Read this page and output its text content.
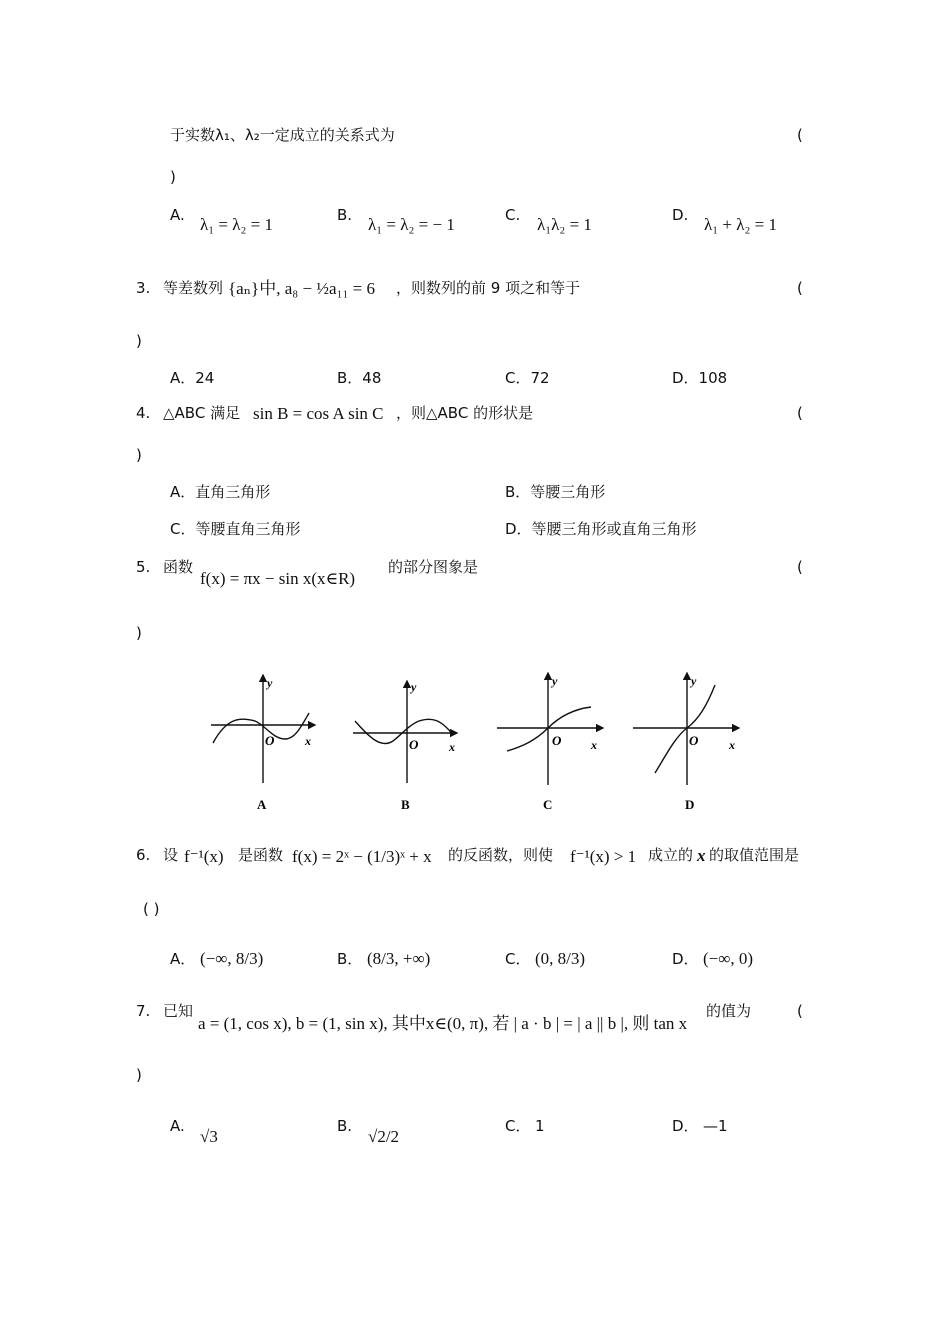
于实数λ₁、λ₂一定成立的关系式为	(
)
A. λ₁ = λ₂ = 1	B. λ₁ = λ₂ = − 1	C. λ₁λ₂ = 1	D. λ₁ + λ₂ = 1
3. 等差数列 {aₙ}中, a₈ − ½a₁₁ = 6 ，则数列的前 9 项之和等于	(
)
A．24	B．48	C．72	D．108
4. △ABC 满足 sin B = cos A sin C ，则△ABC 的形状是	(
)
A．直角三角形	B．等腰三角形
C．等腰直角三角形	D．等腰三角形或直角三角形
5. 函数
f(x) = πx − sin x(x∈R)
的部分图象是	(
)
y
x
O
A
y
x
O
B
y
x
O
C
y
x
O
D
6. 设 f⁻¹(x) 是函数 f(x) = 2ˣ − (1/3)ˣ + x 的反函数，则使 f⁻¹(x) > 1 成立的 x 的取值范围是
( )
A． (−∞, 8/3)	B． (8/3, +∞)	C． (0, 8/3)	D． (−∞, 0)
7. 已知
a = (1, cos x), b = (1, sin x), 其中x∈(0, π), 若 | a · b | = | a || b |, 则 tan x
的值为	(
)
A.
√3
B.
√2/2
C． 1	D． —1
